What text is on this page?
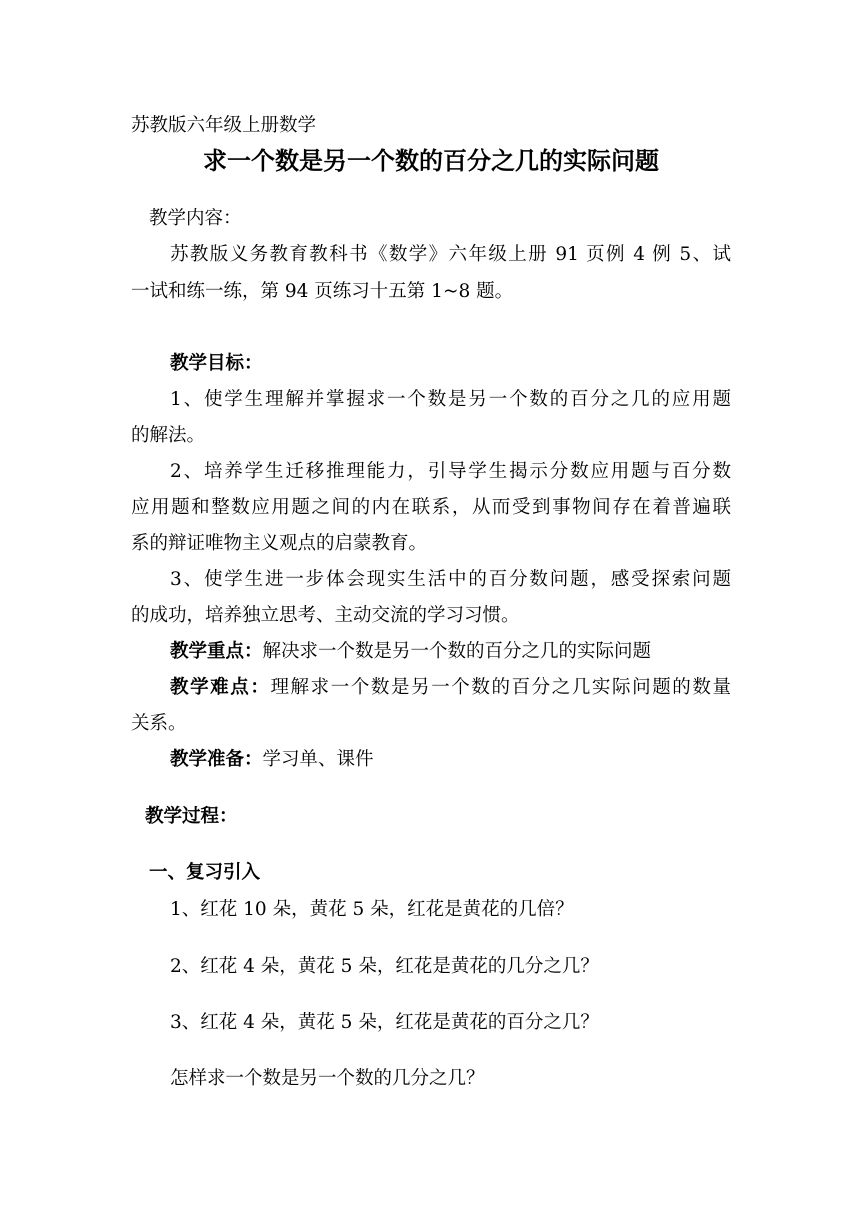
苏教版六年级上册数学
求一个数是另一个数的百分之几的实际问题
教学内容：
苏教版义务教育教科书《数学》六年级上册 91 页例 4 例 5、试
一试和练一练，第 94 页练习十五第 1~8 题。
教学目标：
1、使学生理解并掌握求一个数是另一个数的百分之几的应用题
的解法。
2、培养学生迁移推理能力，引导学生揭示分数应用题与百分数
应用题和整数应用题之间的内在联系，从而受到事物间存在着普遍联
系的辩证唯物主义观点的启蒙教育。
3、使学生进一步体会现实生活中的百分数问题，感受探索问题
的成功，培养独立思考、主动交流的学习习惯。
教学重点：解决求一个数是另一个数的百分之几的实际问题
教学难点：理解求一个数是另一个数的百分之几实际问题的数量
关系。
教学准备：学习单、课件
教学过程：
一、复习引入
1、红花 10 朵，黄花 5 朵，红花是黄花的几倍？
2、红花 4 朵，黄花 5 朵，红花是黄花的几分之几？
3、红花 4 朵，黄花 5 朵，红花是黄花的百分之几？
怎样求一个数是另一个数的几分之几？
